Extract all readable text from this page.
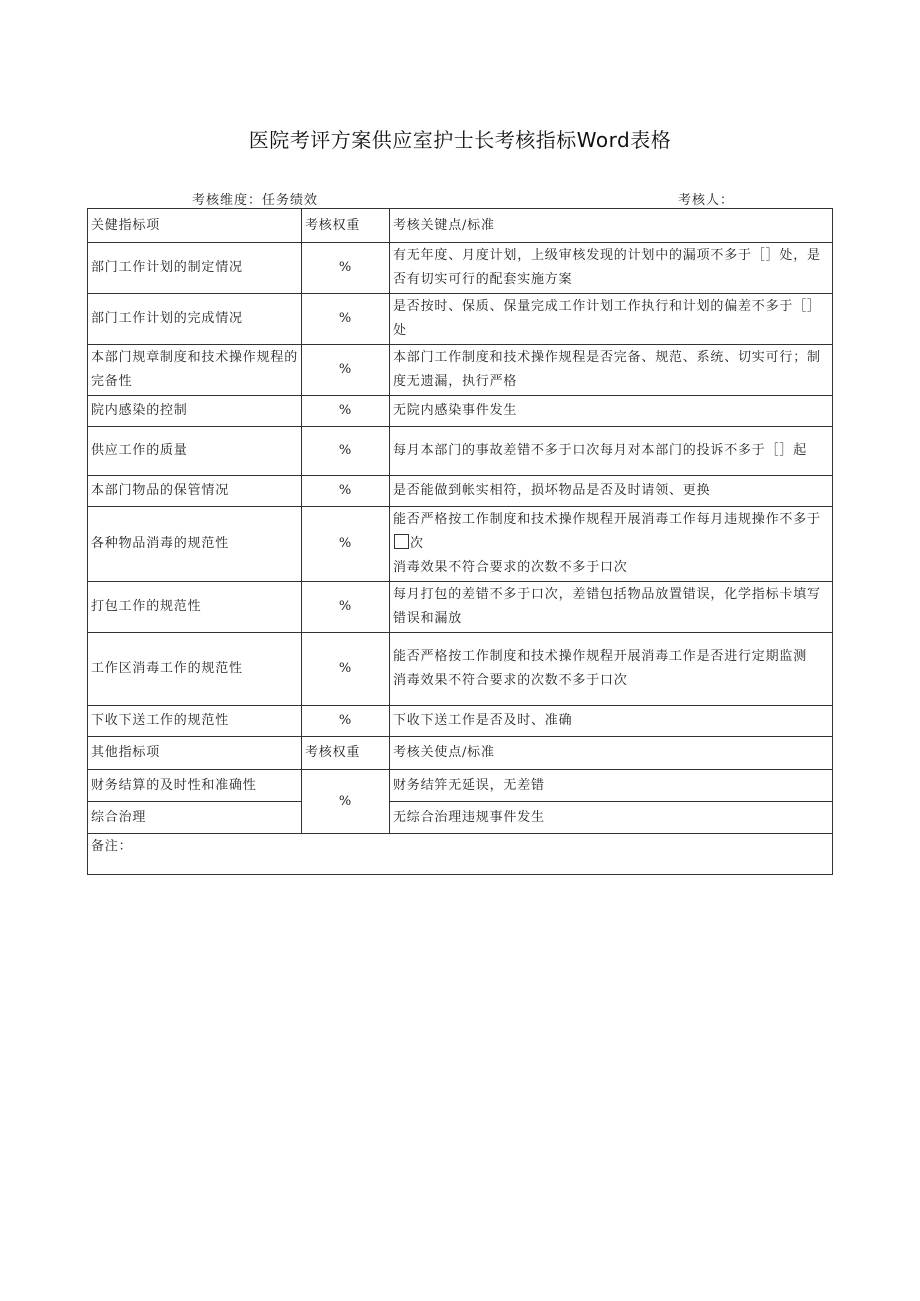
医院考评方案供应室护士长考核指标Word表格
考核维度：任务绩效	考核人：
关健指标项	考核权重	考核关键点/标准
部门工作计划的制定情况	%	有无年度、月度计划，上级审核发现的计划中的漏项不多于［］处，是否有切实可行的配套实施方案
部门工作计划的完成情况	%	是否按时、保质、保量完成工作计划工作执行和计划的偏差不多于［］处
本部门规章制度和技术操作规程的完备性	%	本部门工作制度和技术操作规程是否完备、规范、系统、切实可行；制度无遗漏，执行严格
院内感染的控制	%	无院内感染事件发生
供应工作的质量	%	每月本部门的事故差错不多于口次每月对本部门的投诉不多于［］起
本部门物品的保管情况	%	是否能做到帐实相符，损坏物品是否及时请领、更换
各种物品消毒的规范性	%	能否严格按工作制度和技术操作规程开展消毒工作每月违规操作不多于次
消毒效果不符合要求的次数不多于口次
打包工作的规范性	%	每月打包的差错不多于口次，差错包括物品放置错误，化学指标卡填写错误和漏放
工作区消毒工作的规范性	%	能否严格按工作制度和技术操作规程开展消毒工作是否进行定期监测
消毒效果不符合要求的次数不多于口次
下收下送工作的规范性	%	下收下送工作是否及时、准确
其他指标项	考核权重	考核关使点/标准
财务结算的及时性和准确性	%	财务结笄无延误，无差错
综合治理		无综合治理违规事件发生
备注：		
